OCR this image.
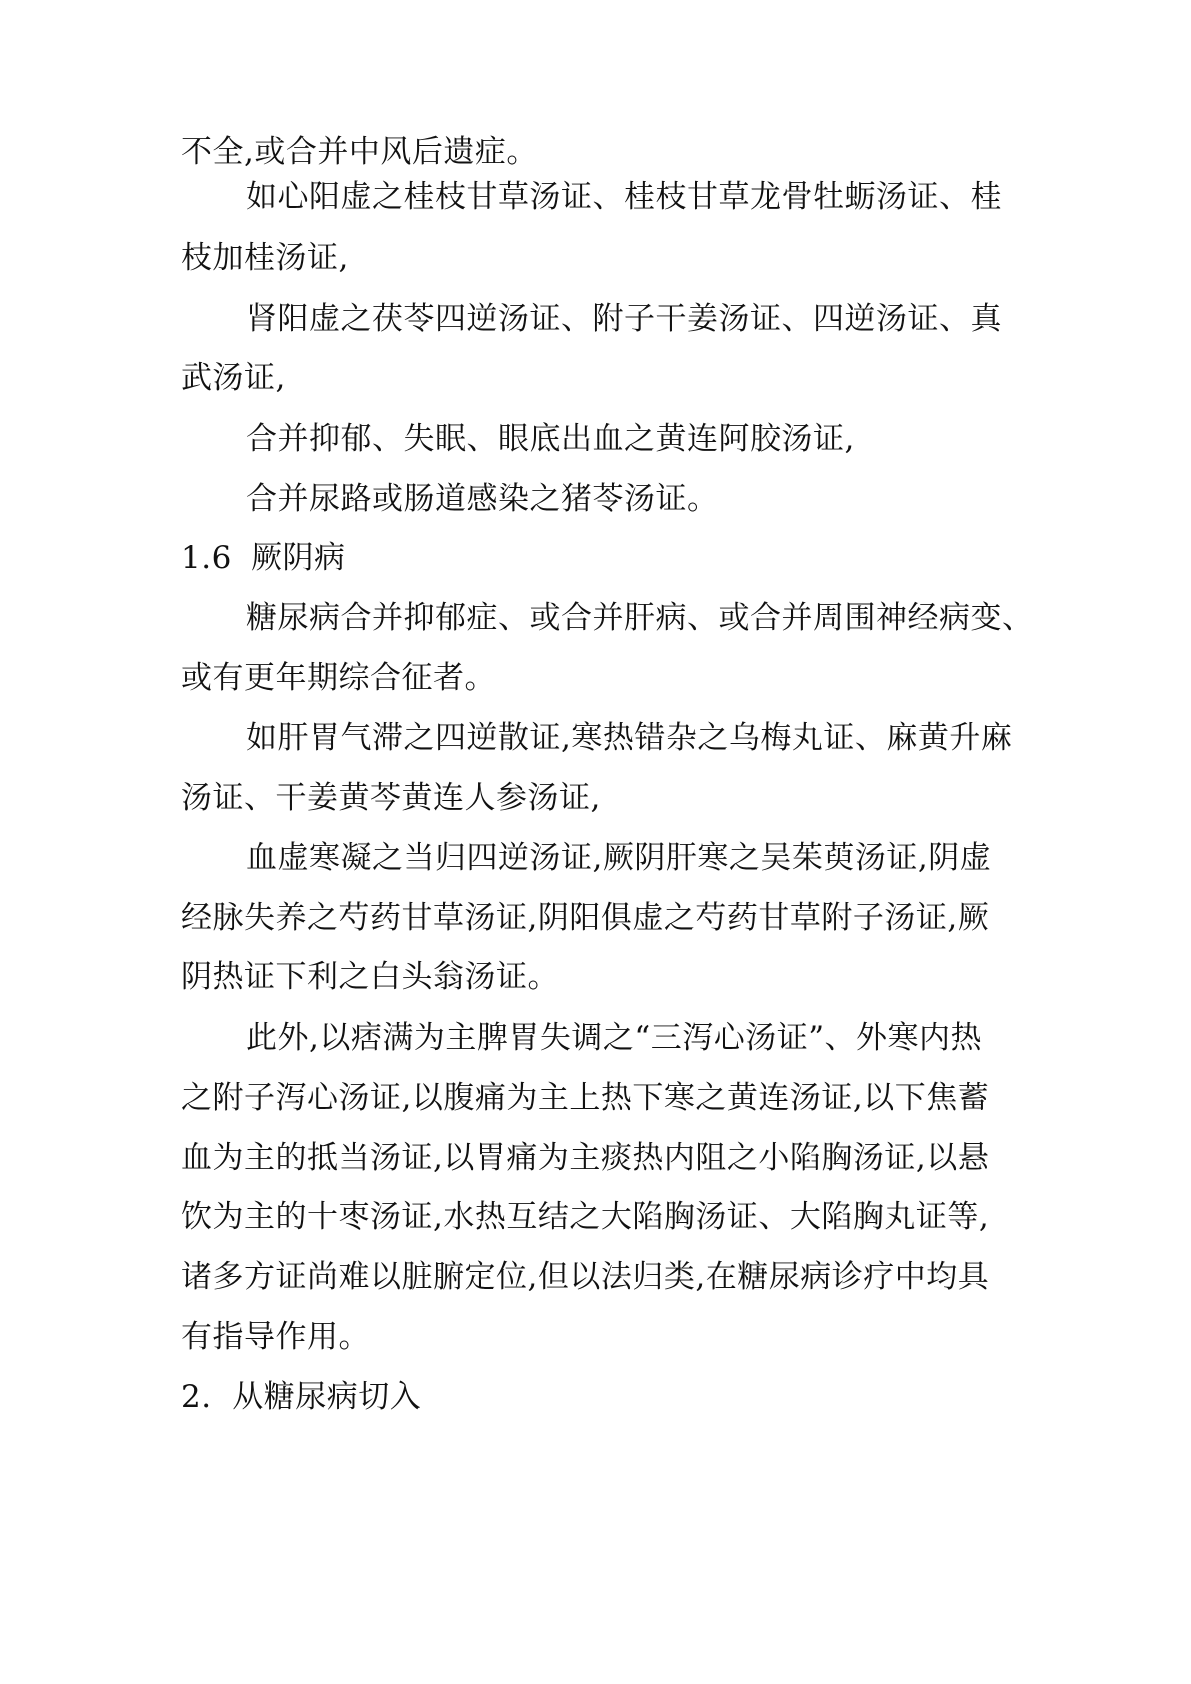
不全,或合并中风后遗症。
如心阳虚之桂枝甘草汤证、桂枝甘草龙骨牡蛎汤证、桂
枝加桂汤证,
肾阳虚之茯苓四逆汤证、附子干姜汤证、四逆汤证、真
武汤证,
合并抑郁、失眠、眼底出血之黄连阿胶汤证,
合并尿路或肠道感染之猪苓汤证。
1.6 厥阴病
糖尿病合并抑郁症、或合并肝病、或合并周围神经病变、
或有更年期综合征者。
如肝胃气滞之四逆散证,寒热错杂之乌梅丸证、麻黄升麻
汤证、干姜黄芩黄连人参汤证,
血虚寒凝之当归四逆汤证,厥阴肝寒之吴茱萸汤证,阴虚
经脉失养之芍药甘草汤证,阴阳俱虚之芍药甘草附子汤证,厥
阴热证下利之白头翁汤证。
此外,以痞满为主脾胃失调之“三泻心汤证”、外寒内热
之附子泻心汤证,以腹痛为主上热下寒之黄连汤证,以下焦蓄
血为主的抵当汤证,以胃痛为主痰热内阻之小陷胸汤证,以悬
饮为主的十枣汤证,水热互结之大陷胸汤证、大陷胸丸证等,
诸多方证尚难以脏腑定位,但以法归类,在糖尿病诊疗中均具
有指导作用。
2. 从糖尿病切入
